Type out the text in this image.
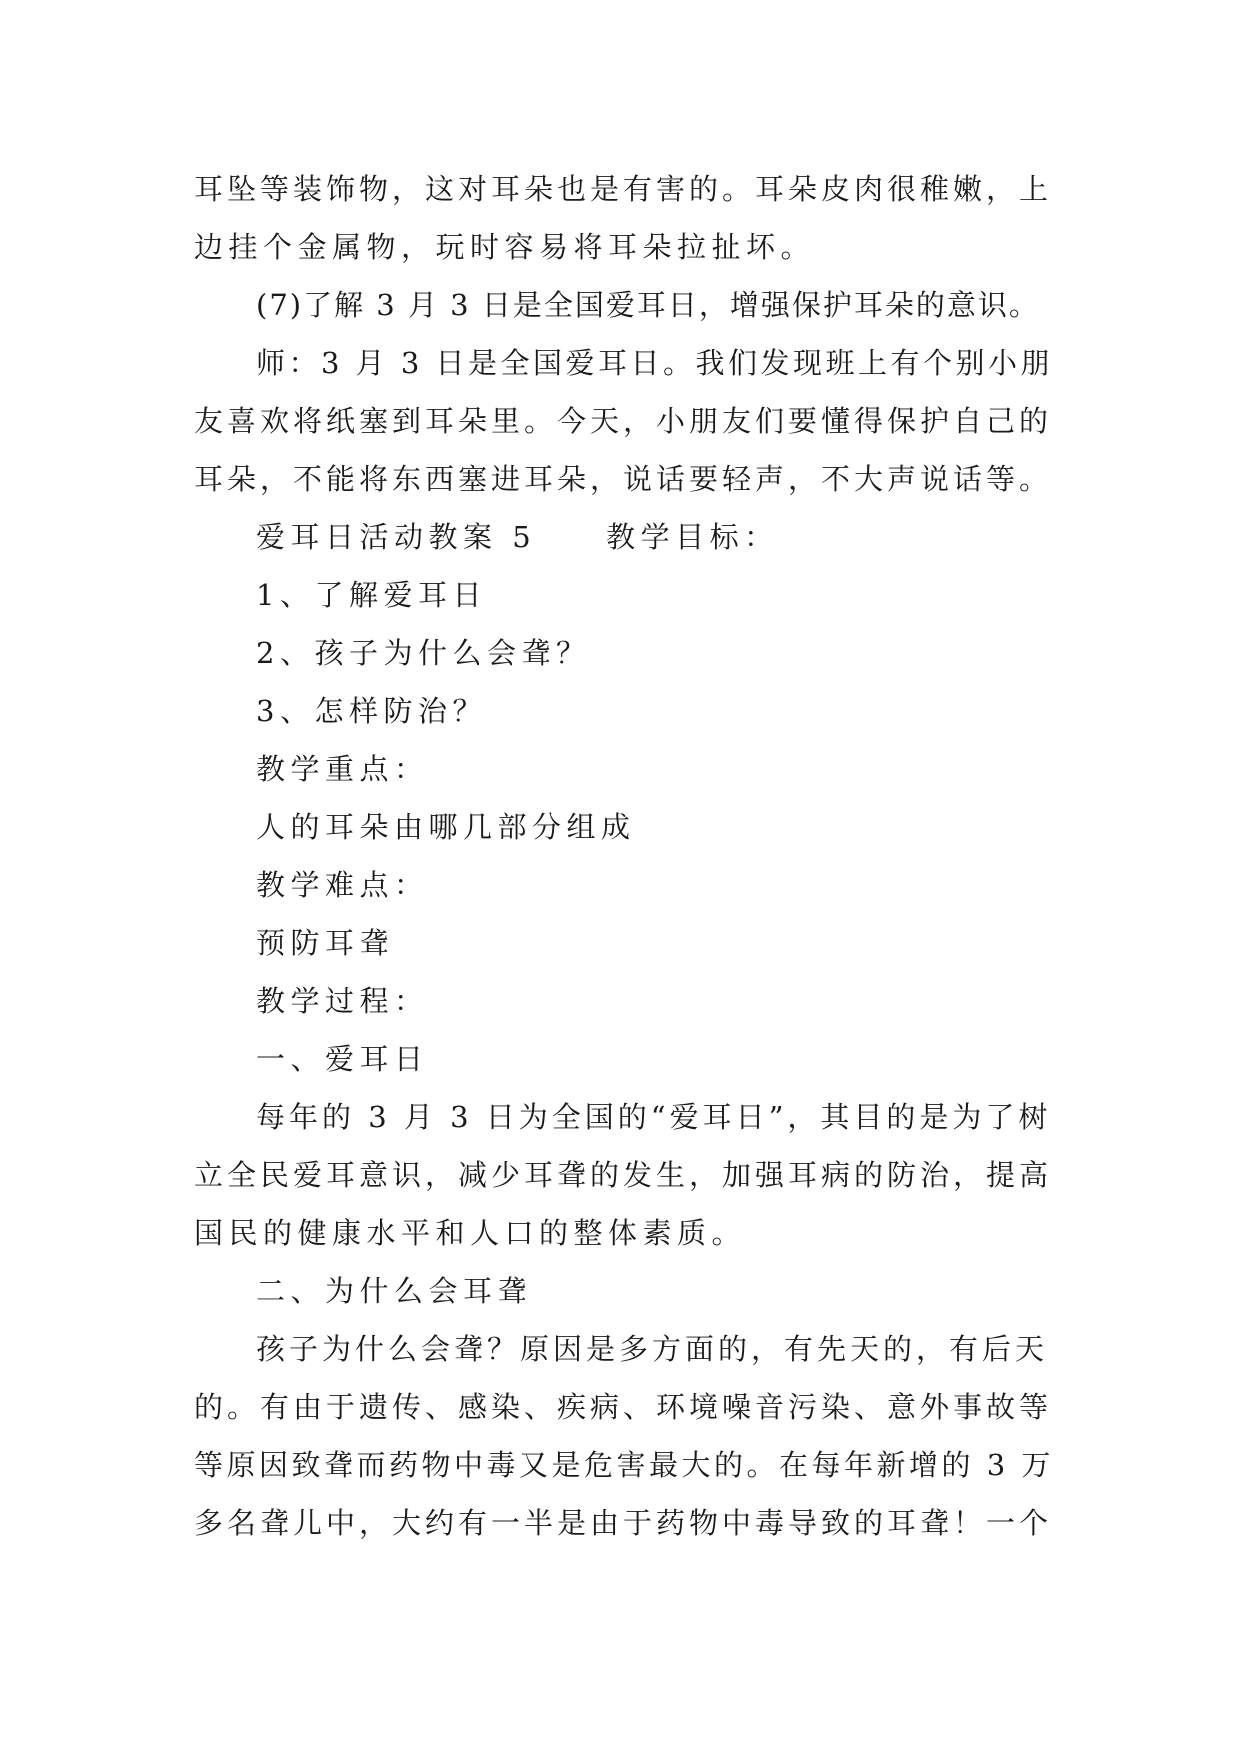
耳坠等装饰物，这对耳朵也是有害的。耳朵皮肉很稚嫩，上
边挂个金属物，玩时容易将耳朵拉扯坏。
(7)了解 3 月 3 日是全国爱耳日，增强保护耳朵的意识。
师：3 月 3 日是全国爱耳日。我们发现班上有个别小朋
友喜欢将纸塞到耳朵里。今天，小朋友们要懂得保护自己的
耳朵，不能将东西塞进耳朵，说话要轻声，不大声说话等。
爱耳日活动教案 5 教学目标：
1、了解爱耳日
2、孩子为什么会聋？
3、怎样防治？
教学重点：
人的耳朵由哪几部分组成
教学难点：
预防耳聋
教学过程：
一、爱耳日
每年的 3 月 3 日为全国的“爱耳日”，其目的是为了树
立全民爱耳意识，减少耳聋的发生，加强耳病的防治，提高
国民的健康水平和人口的整体素质。
二、为什么会耳聋
孩子为什么会聋？原因是多方面的，有先天的，有后天
的。有由于遗传、感染、疾病、环境噪音污染、意外事故等
等原因致聋而药物中毒又是危害最大的。在每年新增的 3 万
多名聋儿中，大约有一半是由于药物中毒导致的耳聋！一个
